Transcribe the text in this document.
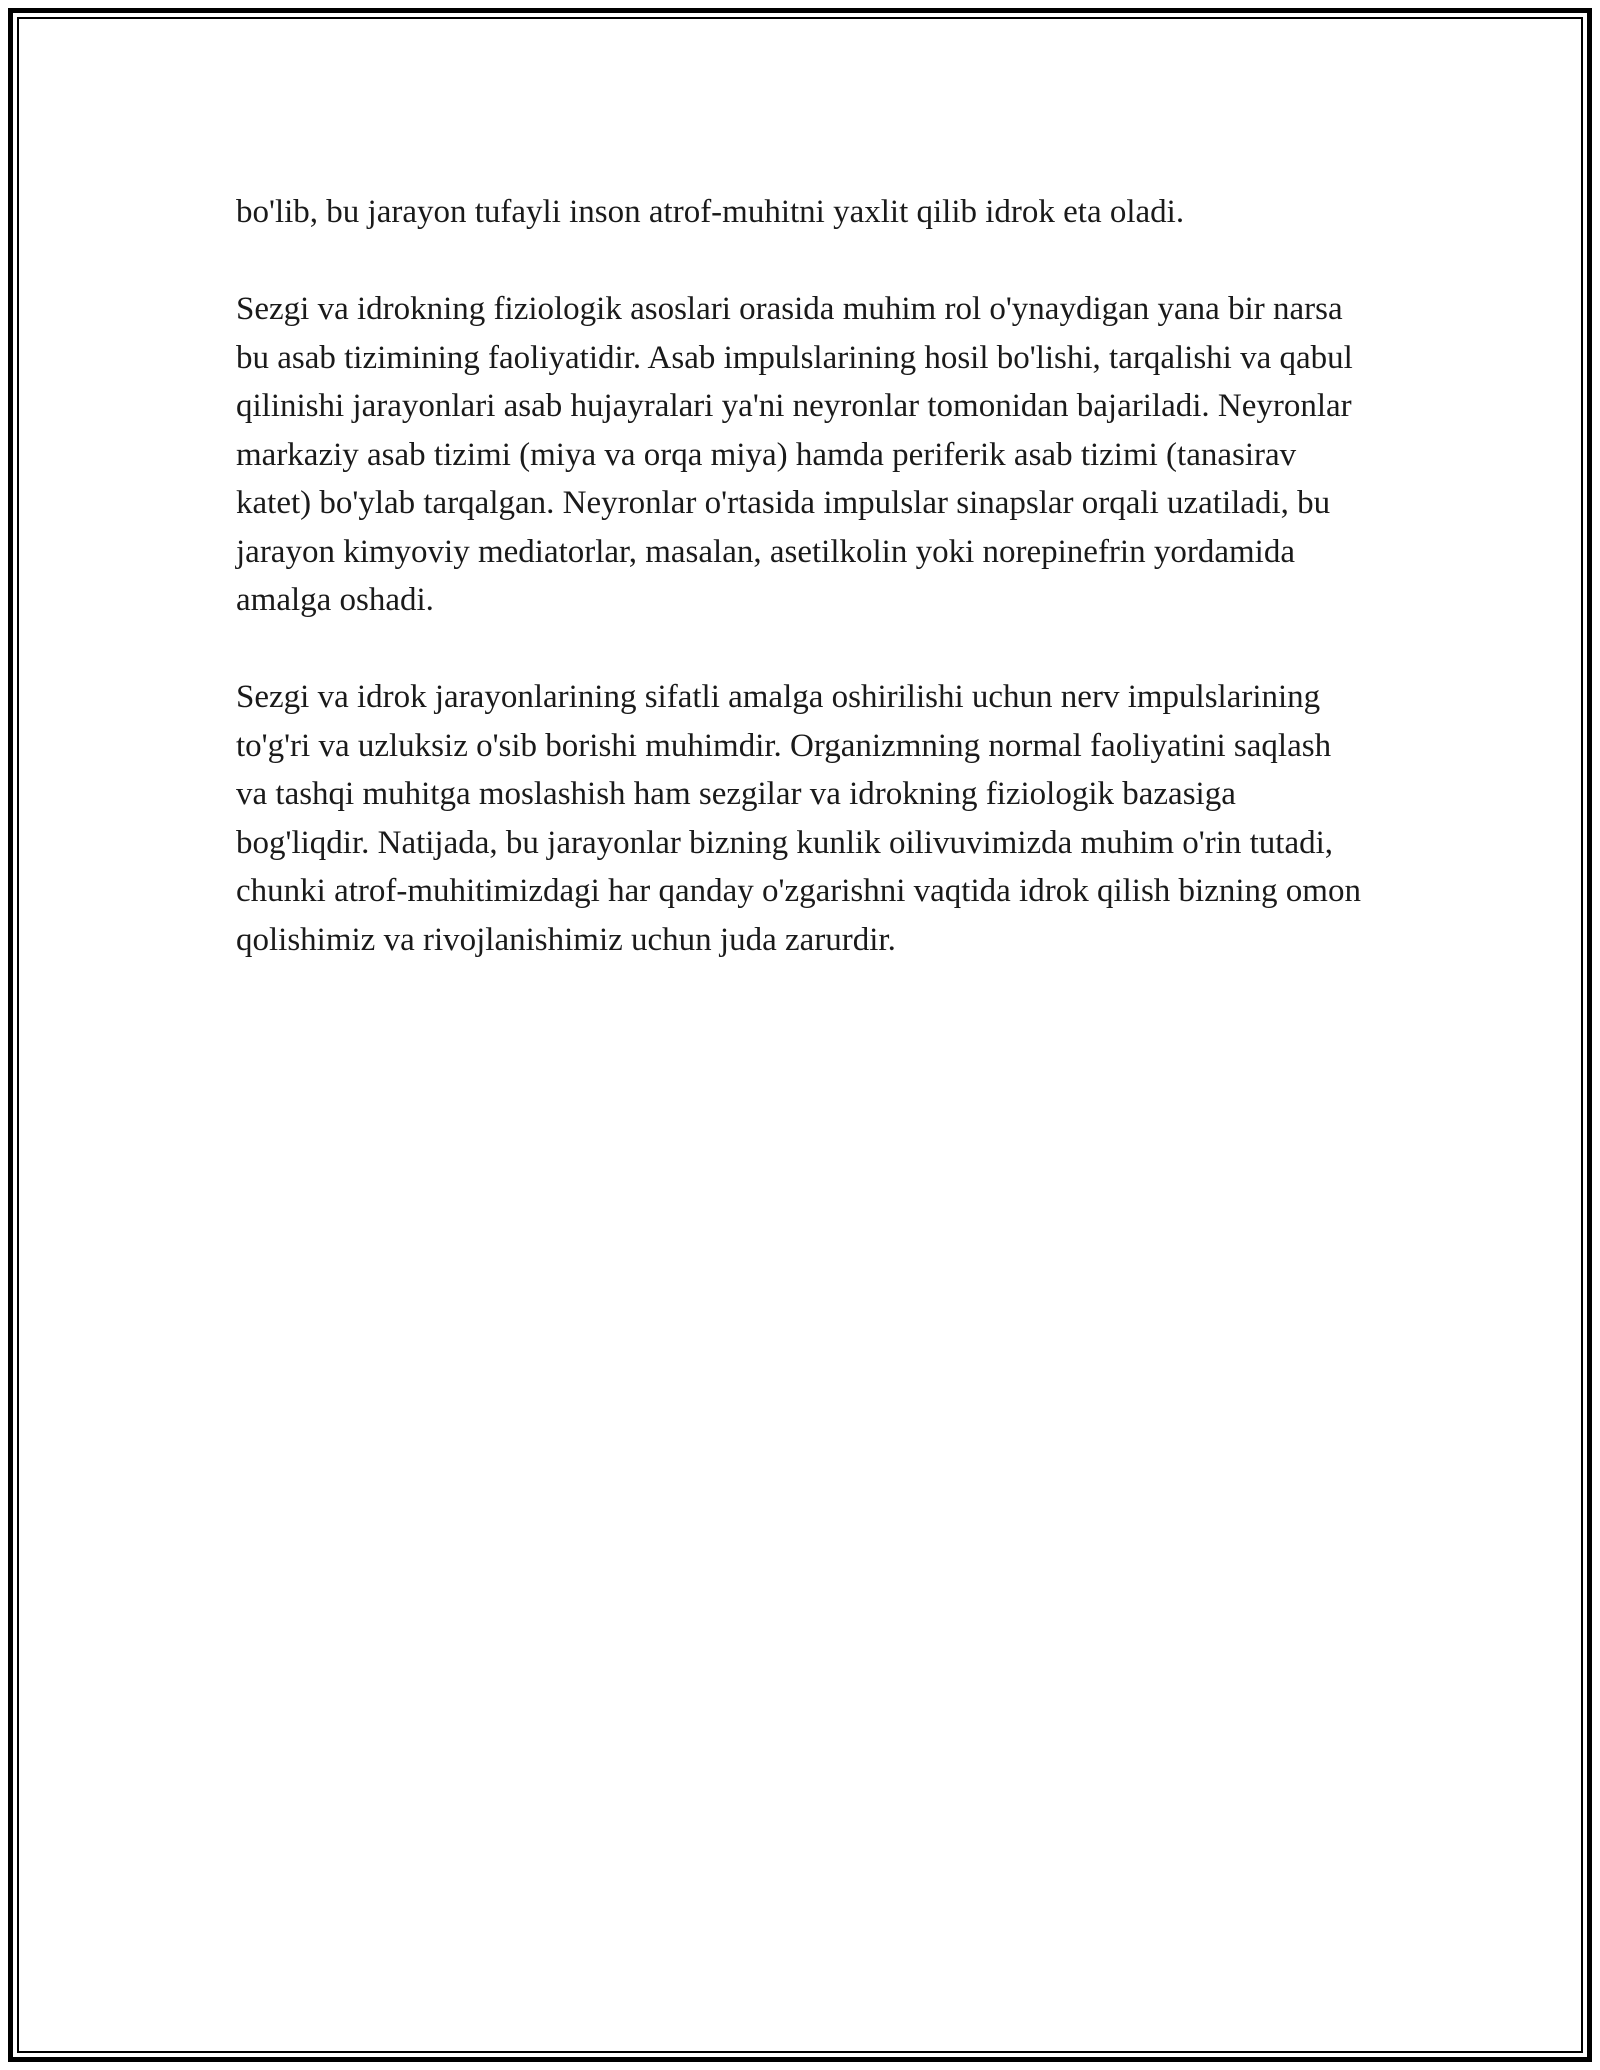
bo'lib, bu jarayon tufayli inson atrof-muhitni yaxlit qilib idrok eta oladi.

Sezgi va idrokning fiziologik asoslari orasida muhim rol o'ynaydigan yana bir narsa bu asab tizimining faoliyatidir. Asab impulslarining hosil bo'lishi, tarqalishi va qabul qilinishi jarayonlari asab hujayralari ya'ni neyronlar tomonidan bajariladi. Neyronlar markaziy asab tizimi (miya va orqa miya) hamda periferik asab tizimi (tanasirav katet) bo'ylab tarqalgan. Neyronlar o'rtasida impulslar sinapslar orqali uzatiladi, bu jarayon kimyoviy mediatorlar, masalan, asetilkolin yoki norepinefrin yordamida amalga oshadi.

Sezgi va idrok jarayonlarining sifatli amalga oshirilishi uchun nerv impulslarining to'g'ri va uzluksiz o'sib borishi muhimdir. Organizmning normal faoliyatini saqlash va tashqi muhitga moslashish ham sezgilar va idrokning fiziologik bazasiga bog'liqdir. Natijada, bu jarayonlar bizning kunlik oilivuvimizda muhim o'rin tutadi, chunki atrof-muhitimizdagi har qanday o'zgarishni vaqtida idrok qilish bizning omon qolishimiz va rivojlanishimiz uchun juda zarurdir.
